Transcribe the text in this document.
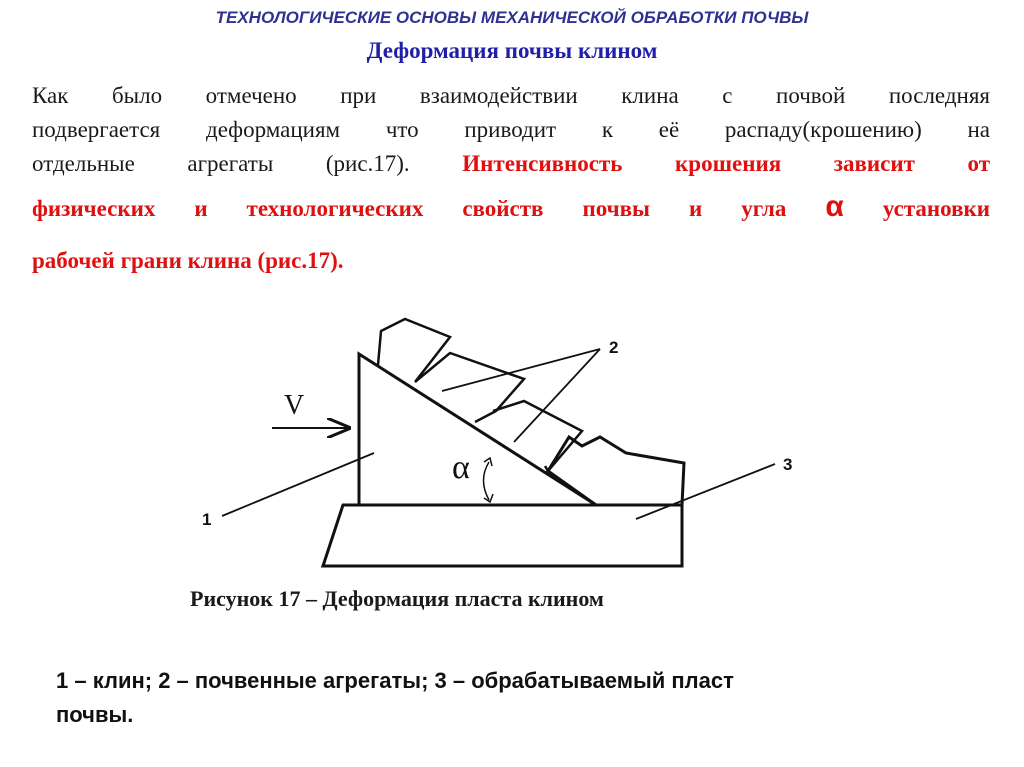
ТЕХНОЛОГИЧЕСКИЕ ОСНОВЫ МЕХАНИЧЕСКОЙ ОБРАБОТКИ ПОЧВЫ
Деформация почвы клином
Как было отмечено при взаимодействии клина с почвой последняя
подвергается деформациям что приводит к её распаду(крошению) на
отдельные агрегаты (рис.17). Интенсивность крошения зависит от
физических и технологических свойств почвы и угла α установки
рабочей грани клина (рис.17).
V
α
1
2
3
Рисунок 17 – Деформация пласта клином
1 – клин; 2 – почвенные агрегаты; 3 – обрабатываемый пласт
почвы.
